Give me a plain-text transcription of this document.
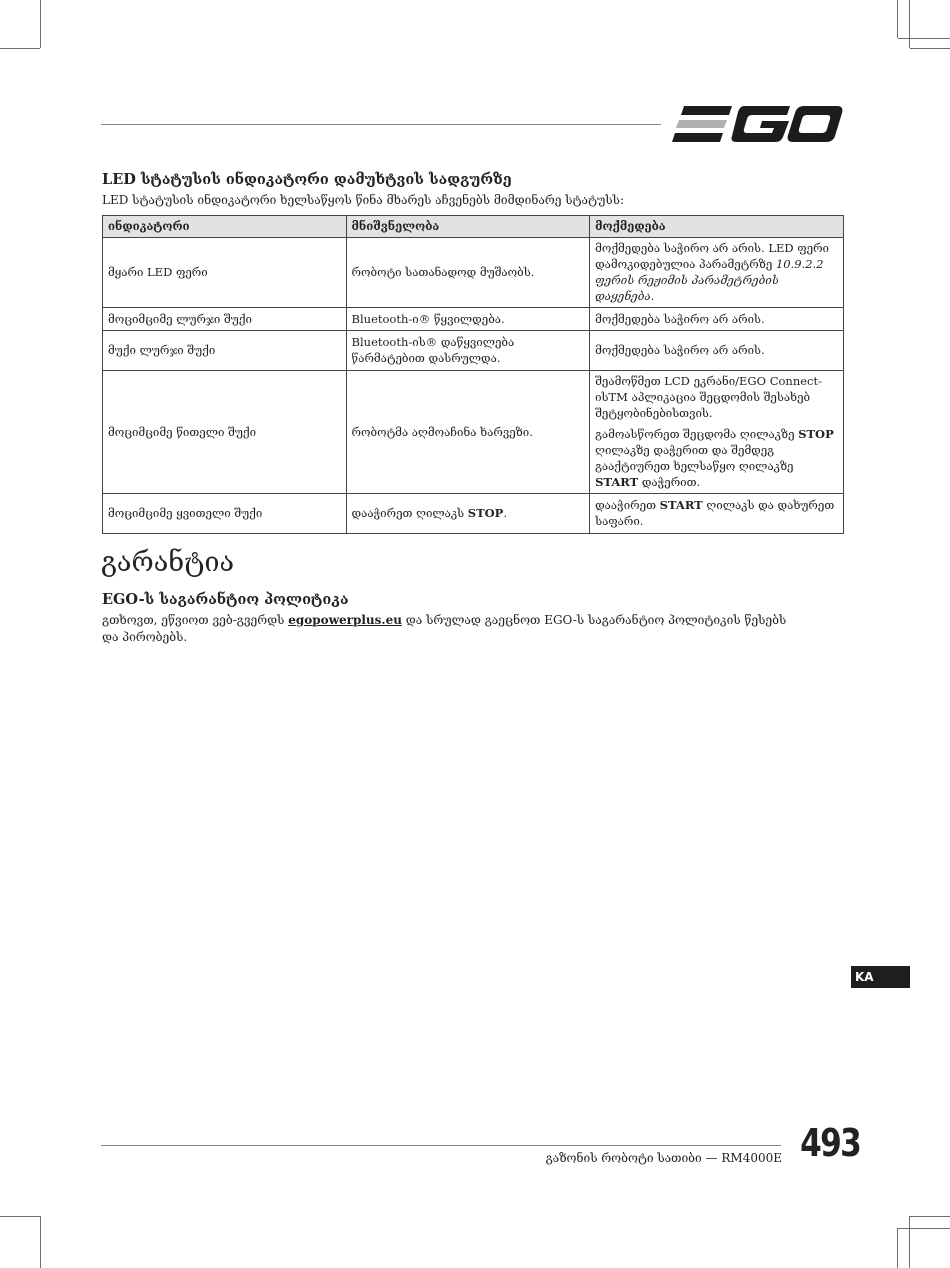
LED სტატუსის ინდიკატორი დამუხტვის სადგურზე
LED სტატუსის ინდიკატორი ხელსაწყოს წინა მხარეს აჩვენებს მიმდინარე სტატუსს:
ინდიკატორი	მნიშვნელობა	მოქმედება
მყარი LED ფერი	რობოტი სათანადოდ მუშაობს.	მოქმედება საჭირო არ არის. LED ფერი დამოკიდებულია პარამეტრზე 10.9.2.2 ფერის რეჟიმის პარამეტრების დაყენება.
მოციმციმე ლურჯი შუქი	Bluetooth-ი® წყვილდება.	მოქმედება საჭირო არ არის.
მუქი ლურჯი შუქი	Bluetooth-ის® დაწყვილება წარმატებით დასრულდა.	მოქმედება საჭირო არ არის.
მოციმციმე წითელი შუქი	რობოტმა აღმოაჩინა ხარვეზი.	შეამოწმეთ LCD ეკრანი/EGO Connect-ისTM აპლიკაცია შეცდომის შესახებ შეტყობინებისთვის.

გამოასწორეთ შეცდომა ღილაკზე STOP ღილაკზე დაჭერით და შემდეგ გააქტიურეთ ხელსაწყო ღილაკზე START დაჭერით.

მოციმციმე ყვითელი შუქი	დააჭირეთ ღილაკს STOP.	დააჭირეთ START ღილაკს და დახურეთ საფარი.
გარანტია
EGO-ს საგარანტიო პოლიტიკა
გთხოვთ, ეწვიოთ ვებ-გვერდს egopowerplus.eu და სრულად გაეცნოთ EGO-ს საგარანტიო პოლიტიკის წესებს და პირობებს.
KA
გაზონის რობოტი სათიბი — RM4000E 493
